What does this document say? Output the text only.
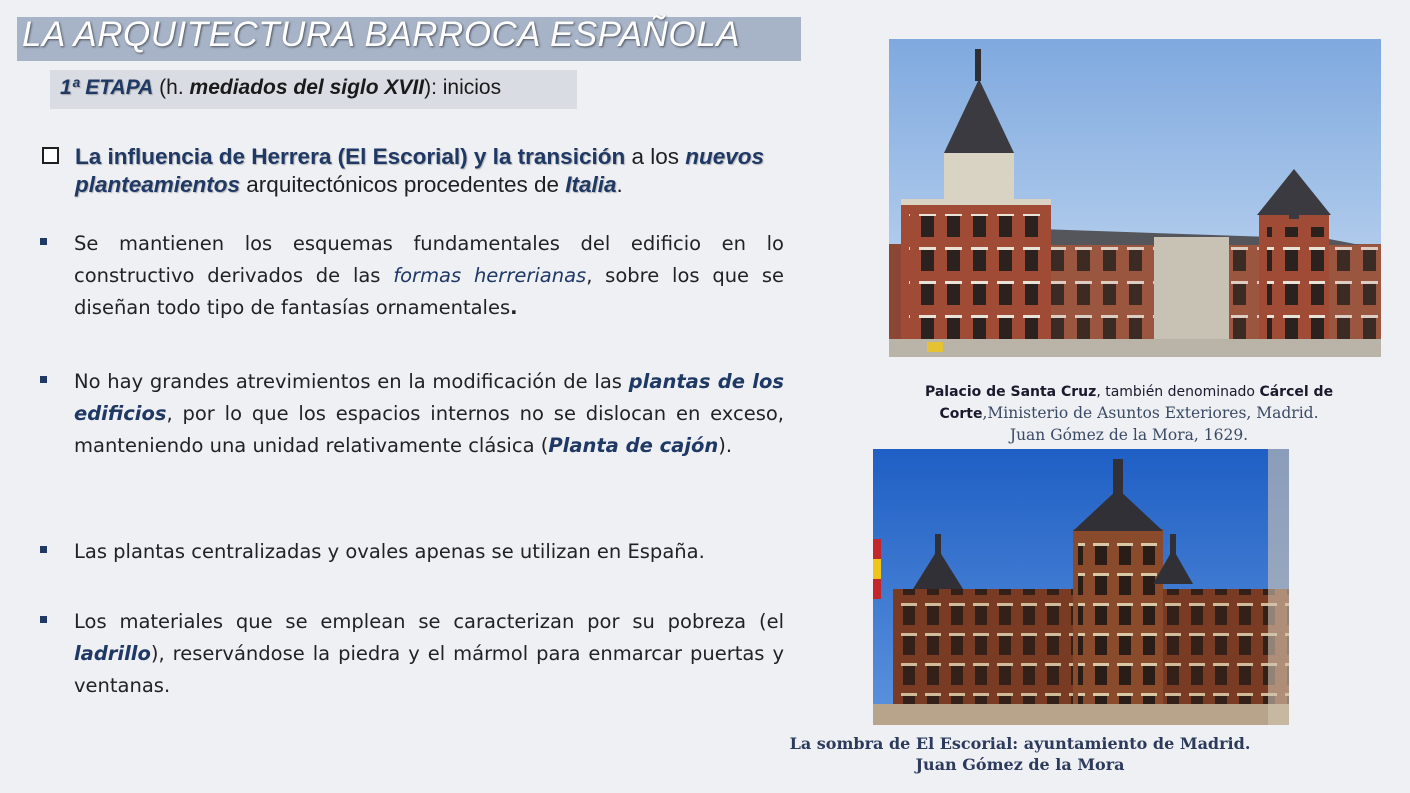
LA ARQUITECTURA BARROCA ESPAÑOLA
1ª ETAPA (h. mediados del siglo XVII): inicios
La influencia de Herrera (El Escorial) y la transición a los nuevos planteamientos arquitectónicos procedentes de Italia.
Se mantienen los esquemas fundamentales del edificio en lo constructivo derivados de las formas herrerianas, sobre los que se diseñan todo tipo de fantasías ornamentales.
No hay grandes atrevimientos en la modificación de las plantas de los edificios, por lo que los espacios internos no se dislocan en exceso, manteniendo una unidad relativamente clásica (Planta de cajón).
Las plantas centralizadas y ovales apenas se utilizan en España.
Los materiales que se emplean se caracterizan por su pobreza (el ladrillo), reservándose la piedra y el mármol para enmarcar puertas y ventanas.
Palacio de Santa Cruz, también denominado Cárcel de Corte,Ministerio de Asuntos Exteriores, Madrid.
Juan Gómez de la Mora, 1629.
La sombra de El Escorial: ayuntamiento de Madrid.
Juan Gómez de la Mora
